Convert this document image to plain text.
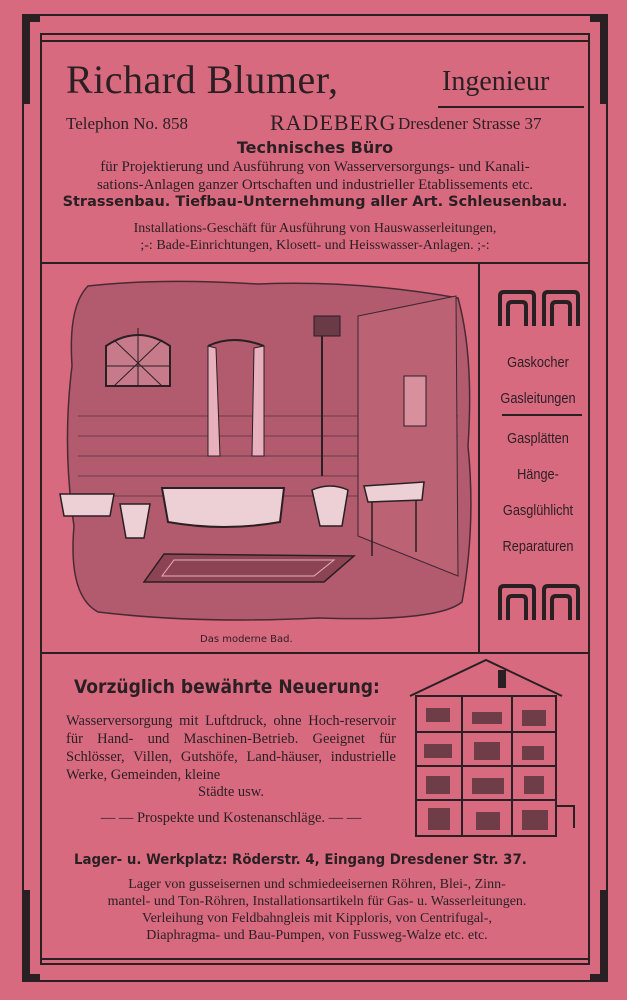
Richard Blumer,	Ingenieur
Telephon No. 858	RADEBERG Dresdener Strasse 37
Technisches Büro
für Projektierung und Ausführung von Wasserversorgungs- und Kanali-
sations-Anlagen ganzer Ortschaften und industrieller Etablissements etc.
Strassenbau. Tiefbau-Unternehmung aller Art. Schleusenbau.
Installations-Geschäft für Ausführung von Hauswasserleitungen,
;-: Bade-Einrichtungen, Klosett- und Heisswasser-Anlagen. ;-:
Das moderne Bad.
Gaskocher
Gasleitungen
Gasplätten
Hänge-
Gasglühlicht
Reparaturen
Vorzüglich bewährte Neuerung:
Wasserversorgung mit Luftdruck, ohne Hoch-reservoir für Hand- und Maschinen-Betrieb. Geeignet für Schlösser, Villen, Gutshöfe, Land-häuser, industrielle Werke, Gemeinden, kleine
Städte usw.
— — Prospekte und Kostenanschläge. — —
Lager- u. Werkplatz: Röderstr. 4, Eingang Dresdener Str. 37.
Lager von gusseisernen und schmiedeeisernen Röhren, Blei-, Zinn-
mantel- und Ton-Röhren, Installationsartikeln für Gas- u. Wasserleitungen.
Verleihung von Feldbahngleis mit Kipploris, von Centrifugal-,
Diaphragma- und Bau-Pumpen, von Fussweg-Walze etc. etc.
